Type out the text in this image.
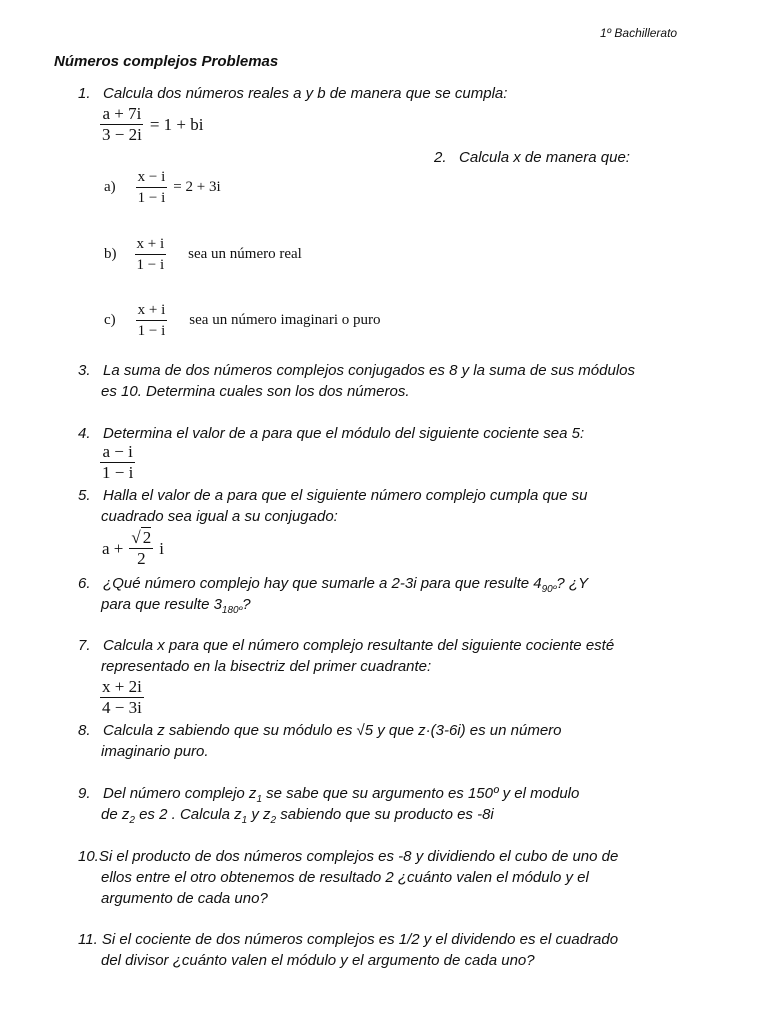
1º Bachillerato
Números complejos Problemas
1. Calcula dos números reales a y b de manera que se cumpla:
$\frac{a + 7i}{3 - 2i} = 1$ + bi
2. Calcula x de manera que:
$a) \frac{x - i}{1 - i} = 2 + 3i$
$b) \frac{x + i}{1 - i}$ sea un número real
$c) \frac{x + i}{1 - i}$ sea un número imaginari o puro
3. La suma de dos números complejos conjugados es 8 y la suma de sus módulos
es 10. Determina cuales son los dos números.
4. Determina el valor de a para que el módulo del siguiente cociente sea 5:
$\frac{a - i}{1 - i}$
5. Halla el valor de a para que el siguiente número complejo cumpla que su
cuadrado sea igual a su conjugado:
$a + \frac{√ 2}{2}$ i
6. ¿Qué número complejo hay que sumarle a 2-3i para que resulte $4_{90º}$? ¿Y
para que resulte $3_{180º}$?
7. Calcula x para que el número complejo resultante del siguiente cociente esté
representado en la bisectriz del primer cuadrante:
$\frac{x + 2i}{4 - 3i}$
8. Calcula z sabiendo que su módulo es √5 y que z·(3-6i) es un número
imaginario puro.
9. Del número complejo $z_1$ se sabe que su argumento es 150º y el modulo
de $z_2$ es 2 . Calcula $z_1$ y $z_2$ sabiendo que su producto es -8i
10.Si el producto de dos números complejos es -8 y dividiendo el cubo de uno de
ellos entre el otro obtenemos de resultado 2 ¿cuánto valen el módulo y el
argumento de cada uno?
11. Si el cociente de dos números complejos es 1/2 y el dividendo es el cuadrado
del divisor ¿cuánto valen el módulo y el argumento de cada uno?
